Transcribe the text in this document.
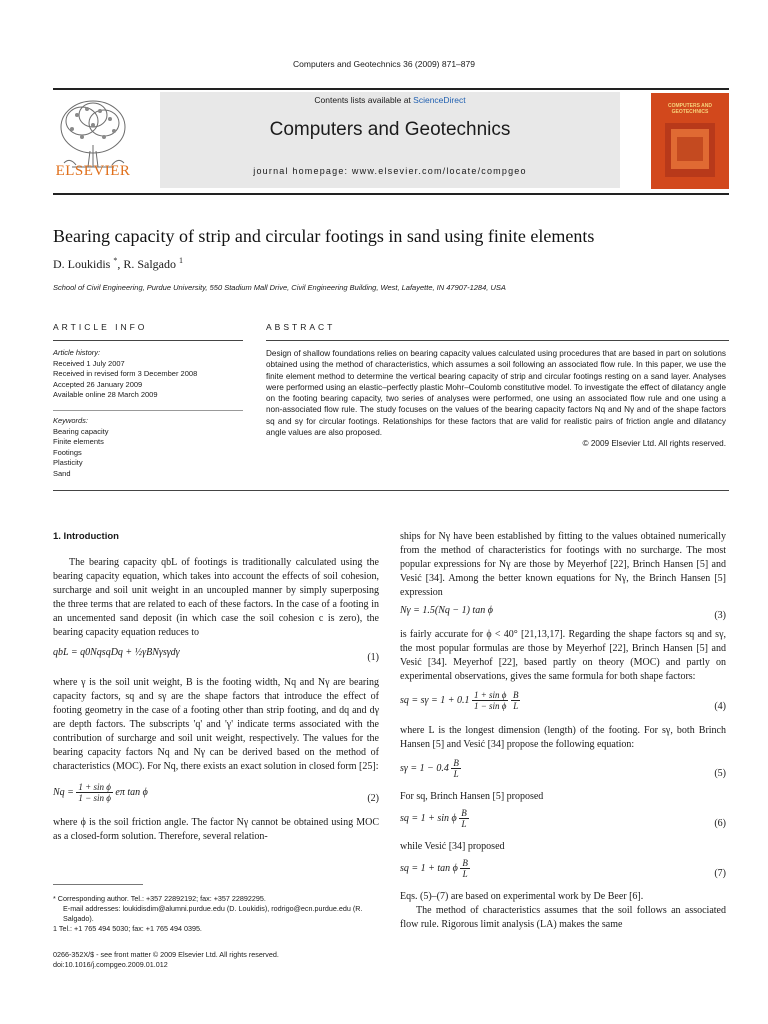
Computers and Geotechnics 36 (2009) 871–879
Contents lists available at ScienceDirect
Computers and Geotechnics
journal homepage: www.elsevier.com/locate/compgeo
ELSEVIER
COMPUTERS AND GEOTECHNICS
Bearing capacity of strip and circular footings in sand using finite elements
D. Loukidis *, R. Salgado $^1$
School of Civil Engineering, Purdue University, 550 Stadium Mall Drive, Civil Engineering Building, West, Lafayette, IN 47907-1284, USA
ARTICLE INFO
Article history:
Received 1 July 2007
Received in revised form 3 December 2008
Accepted 26 January 2009
Available online 28 March 2009
Keywords:
Bearing capacity
Finite elements
Footings
Plasticity
Sand
ABSTRACT
Design of shallow foundations relies on bearing capacity values calculated using procedures that are based in part on solutions obtained using the method of characteristics, which assumes a soil following an associated flow rule. In this paper, we use the finite element method to determine the vertical bearing capacity of strip and circular footings resting on a sand layer. Analyses were performed using an elastic–perfectly plastic Mohr–Coulomb constitutive model. To investigate the effect of dilatancy angle on the footing bearing capacity, two series of analyses were performed, one using an associated flow rule and one using a non-associated flow rule. The study focuses on the values of the bearing capacity factors Nq and Nγ and of the shape factors sq and sγ for circular footings. Relationships for these factors that are valid for realistic pairs of friction angle and dilatancy angle values are also proposed.
© 2009 Elsevier Ltd. All rights reserved.

1. Introduction

The bearing capacity qbL of footings is traditionally calculated using the bearing capacity equation, which takes into account the effects of soil cohesion, surcharge and soil unit weight in an uncoupled manner by simply superposing the three terms that are related to each of these factors. In the case of a footing in an uncemented sand deposit (in which case the soil cohesion c is zero), the bearing capacity equation reduces to

qbL = q0NqsqDq + ½γBNγsγdγ	(1)

where γ is the soil unit weight, B is the footing width, Nq and Nγ are bearing capacity factors, sq and sγ are the shape factors that introduce the effect of footing geometry in the case of a footing other than strip footing, and dq and dγ are depth factors. The subscripts 'q' and 'γ' indicate terms associated with the contribution of surcharge and soil unit weight, respectively. The values for the bearing capacity factors Nq and Nγ can be derived based on the method of characteristics (MOC). For Nq, there exists an exact solution in closed form [25]:

$Nq = \frac{\text{1 + sin ϕ}}{\text{1 − sin ϕ}}$ eπ tan ϕ
(2)

where ϕ is the soil friction angle. The factor Nγ cannot be obtained using MOC as a closed-form solution. Therefore, several relation-

* Corresponding author. Tel.: +357 22892192; fax: +357 22892295.
E-mail addresses: loukidisdim@alumni.purdue.edu (D. Loukidis), rodrigo@ecn.purdue.edu (R. Salgado).
1 Tel.: +1 765 494 5030; fax: +1 765 494 0395.
0266-352X/$ - see front matter © 2009 Elsevier Ltd. All rights reserved.
doi:10.1016/j.compgeo.2009.01.012

ships for Nγ have been established by fitting to the values obtained numerically from the method of characteristics for footings with no surcharge. The most popular expressions for Nγ are those by Meyerhof [22], Brinch Hansen [5] and Vesić [34]. Among the better known equations for Nγ, the Brinch Hansen [5] expression

Nγ = 1.5(Nq − 1) tan ϕ	(3)

is fairly accurate for ϕ < 40° [21,13,17]. Regarding the shape factors sq and sγ, the most popular formulas are those by Meyerhof [22], Brinch Hansen [5] and Vesić [34]. Meyerhof [22], based partly on theory (MOC) and partly on experimental observations, gives the same formula for both shape factors:

sq = $s\gamma = 1 + 0.1 \frac{\text{1 + sin ϕ}}{\text{1 − sin ϕ}}$
$\frac{B}{L}$	(4)

where L is the longest dimension (length) of the footing. For sγ, both Brinch Hansen [5] and Vesić [34] propose the following equation:

$s\gamma = 1 - 0.4 \frac{B}{L}$	(5)

For sq, Brinch Hansen [5] proposed

sq = 1 + sin ϕ $\frac{B}{L}$	(6)

while Vesić [34] proposed

sq = 1 + tan ϕ $\frac{B}{L}$	(7)

Eqs. (5)–(7) are based on experimental work by De Beer [6].

The method of characteristics assumes that the soil follows an associated flow rule. Rigorous limit analysis (LA) makes the same
